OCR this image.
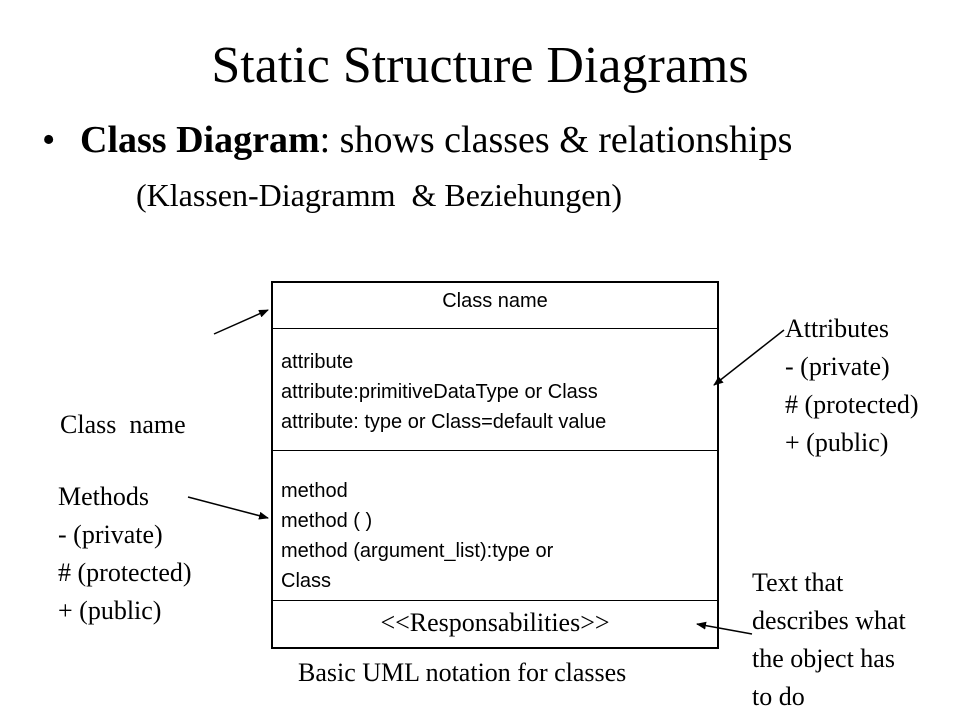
Static Structure Diagrams
• Class Diagram: shows classes & relationships
(Klassen-Diagramm  & Beziehungen)
Class name
attribute
attribute:primitiveDataType or Class
attribute: type or Class=default value
method
method ( )
method (argument_list):type or
Class
<<Responsabilities>>

Class  name

Methods
- (private)
# (protected)
+ (public)
Attributes
- (private)
# (protected)
+ (public)
Text that
describes what
the object has
to do
Basic UML notation for classes
